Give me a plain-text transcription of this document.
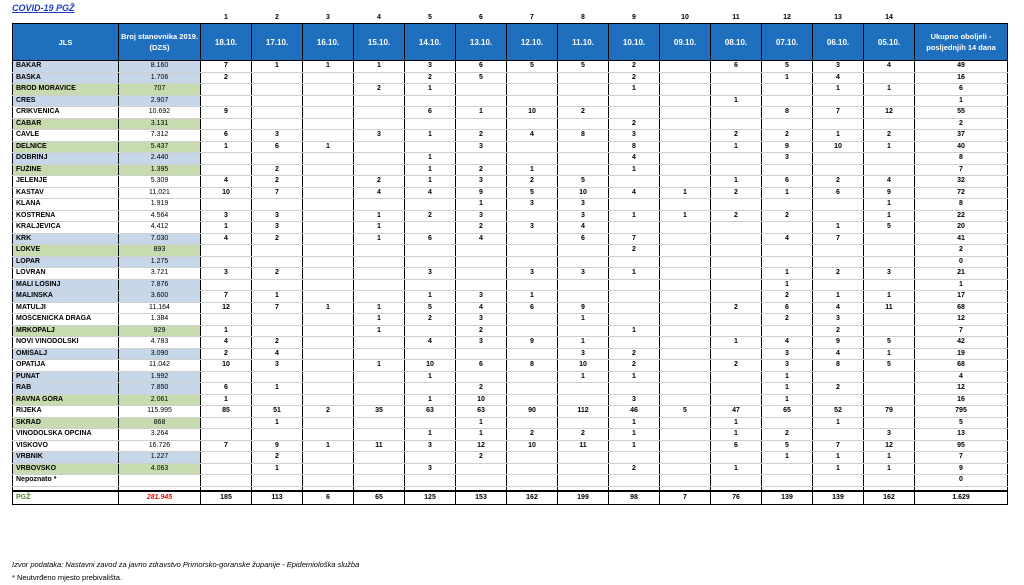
COVID-19 PGŽ
		1	2	3	4	5	6	7	8	9	10	11	12	13	14	
JLS	Broj stanovnika 2019. (DZS)	18.10.	17.10.	16.10.	15.10.	14.10.	13.10.	12.10.	11.10.	10.10.	09.10.	08.10.	07.10.	06.10.	05.10.	Ukupno oboljeli - posljednjih 14 dana
BAKAR	8.160	7	1	1	1	3	6	5	5	2		6	5	3	4	49
BAŠKA	1.706	2				2	5			2			1	4		16
BROD MORAVICE	707				2	1				1				1	1	6
CRES	2.907											1				1
CRIKVENICA	10.692	9				6	1	10	2				8	7	12	55
ČABAR	3.131									2						2
ČAVLE	7.312	6	3		3	1	2	4	8	3		2	2	1	2	37
DELNICE	5.437	1	6	1			3			8		1	9	10	1	40
DOBRINJ	2.440					1				4			3			8
FUŽINE	1.395		2			1	2	1		1						7
JELENJE	5.309	4	2		2	1	3	2	5			1	6	2	4	32
KASTAV	11.021	10	7		4	4	9	5	10	4	1	2	1	6	9	72
KLANA	1.919						1	3	3						1	8
KOSTRENA	4.564	3	3		1	2	3		3	1	1	2	2		1	22
KRALJEVICA	4.412	1	3		1		2	3	4					1	5	20
KRK	7.030	4	2		1	6	4		6	7			4	7		41
LOKVE	893									2						2
LOPAR	1.275															0
LOVRAN	3.721	3	2			3		3	3	1			1	2	3	21
MALI LOŠINJ	7.876												1			1
MALINSKA	3.600	7	1			1	3	1					2	1	1	17
MATULJI	11.164	12	7	1	1	5	4	6	9			2	6	4	11	68
MOŠĆENIČKA DRAGA	1.384				1	2	3		1				2	3		12
MRKOPALJ	929	1			1		2			1				2		7
NOVI VINODOLSKI	4.783	4	2			4	3	9	1			1	4	9	5	42
OMIŠALJ	3.090	2	4						3	2			3	4	1	19
OPATIJA	11.042	10	3		1	10	6	8	10	2		2	3	8	5	68
PUNAT	1.992					1			1	1			1			4
RAB	7.850	6	1				2						1	2		12
RAVNA GORA	2.061	1				1	10			3			1			16
RIJEKA	115.995	85	51	2	35	63	63	90	112	46	5	47	65	52	79	795
SKRAD	868		1				1			1		1		1		5
VINODOLSKA OPĆINA	3.264					1	1	2	2	1		1	2		3	13
VIŠKOVO	16.726	7	9	1	11	3	12	10	11	1		6	5	7	12	95
VRBNIK	1.227		2				2						1	1	1	7
VRBOVSKO	4.063		1			3				2		1		1	1	9
Nepoznato *																0

PGŽ	281.945	185	113	6	65	125	153	162	199	98	7	76	139	139	162	1.629
Izvor podataka: Nastavni zavod za javno zdravstvo Primorsko-goranske županije - Epidemiološka služba
* Neutvrđeno mjesto prebivališta.
